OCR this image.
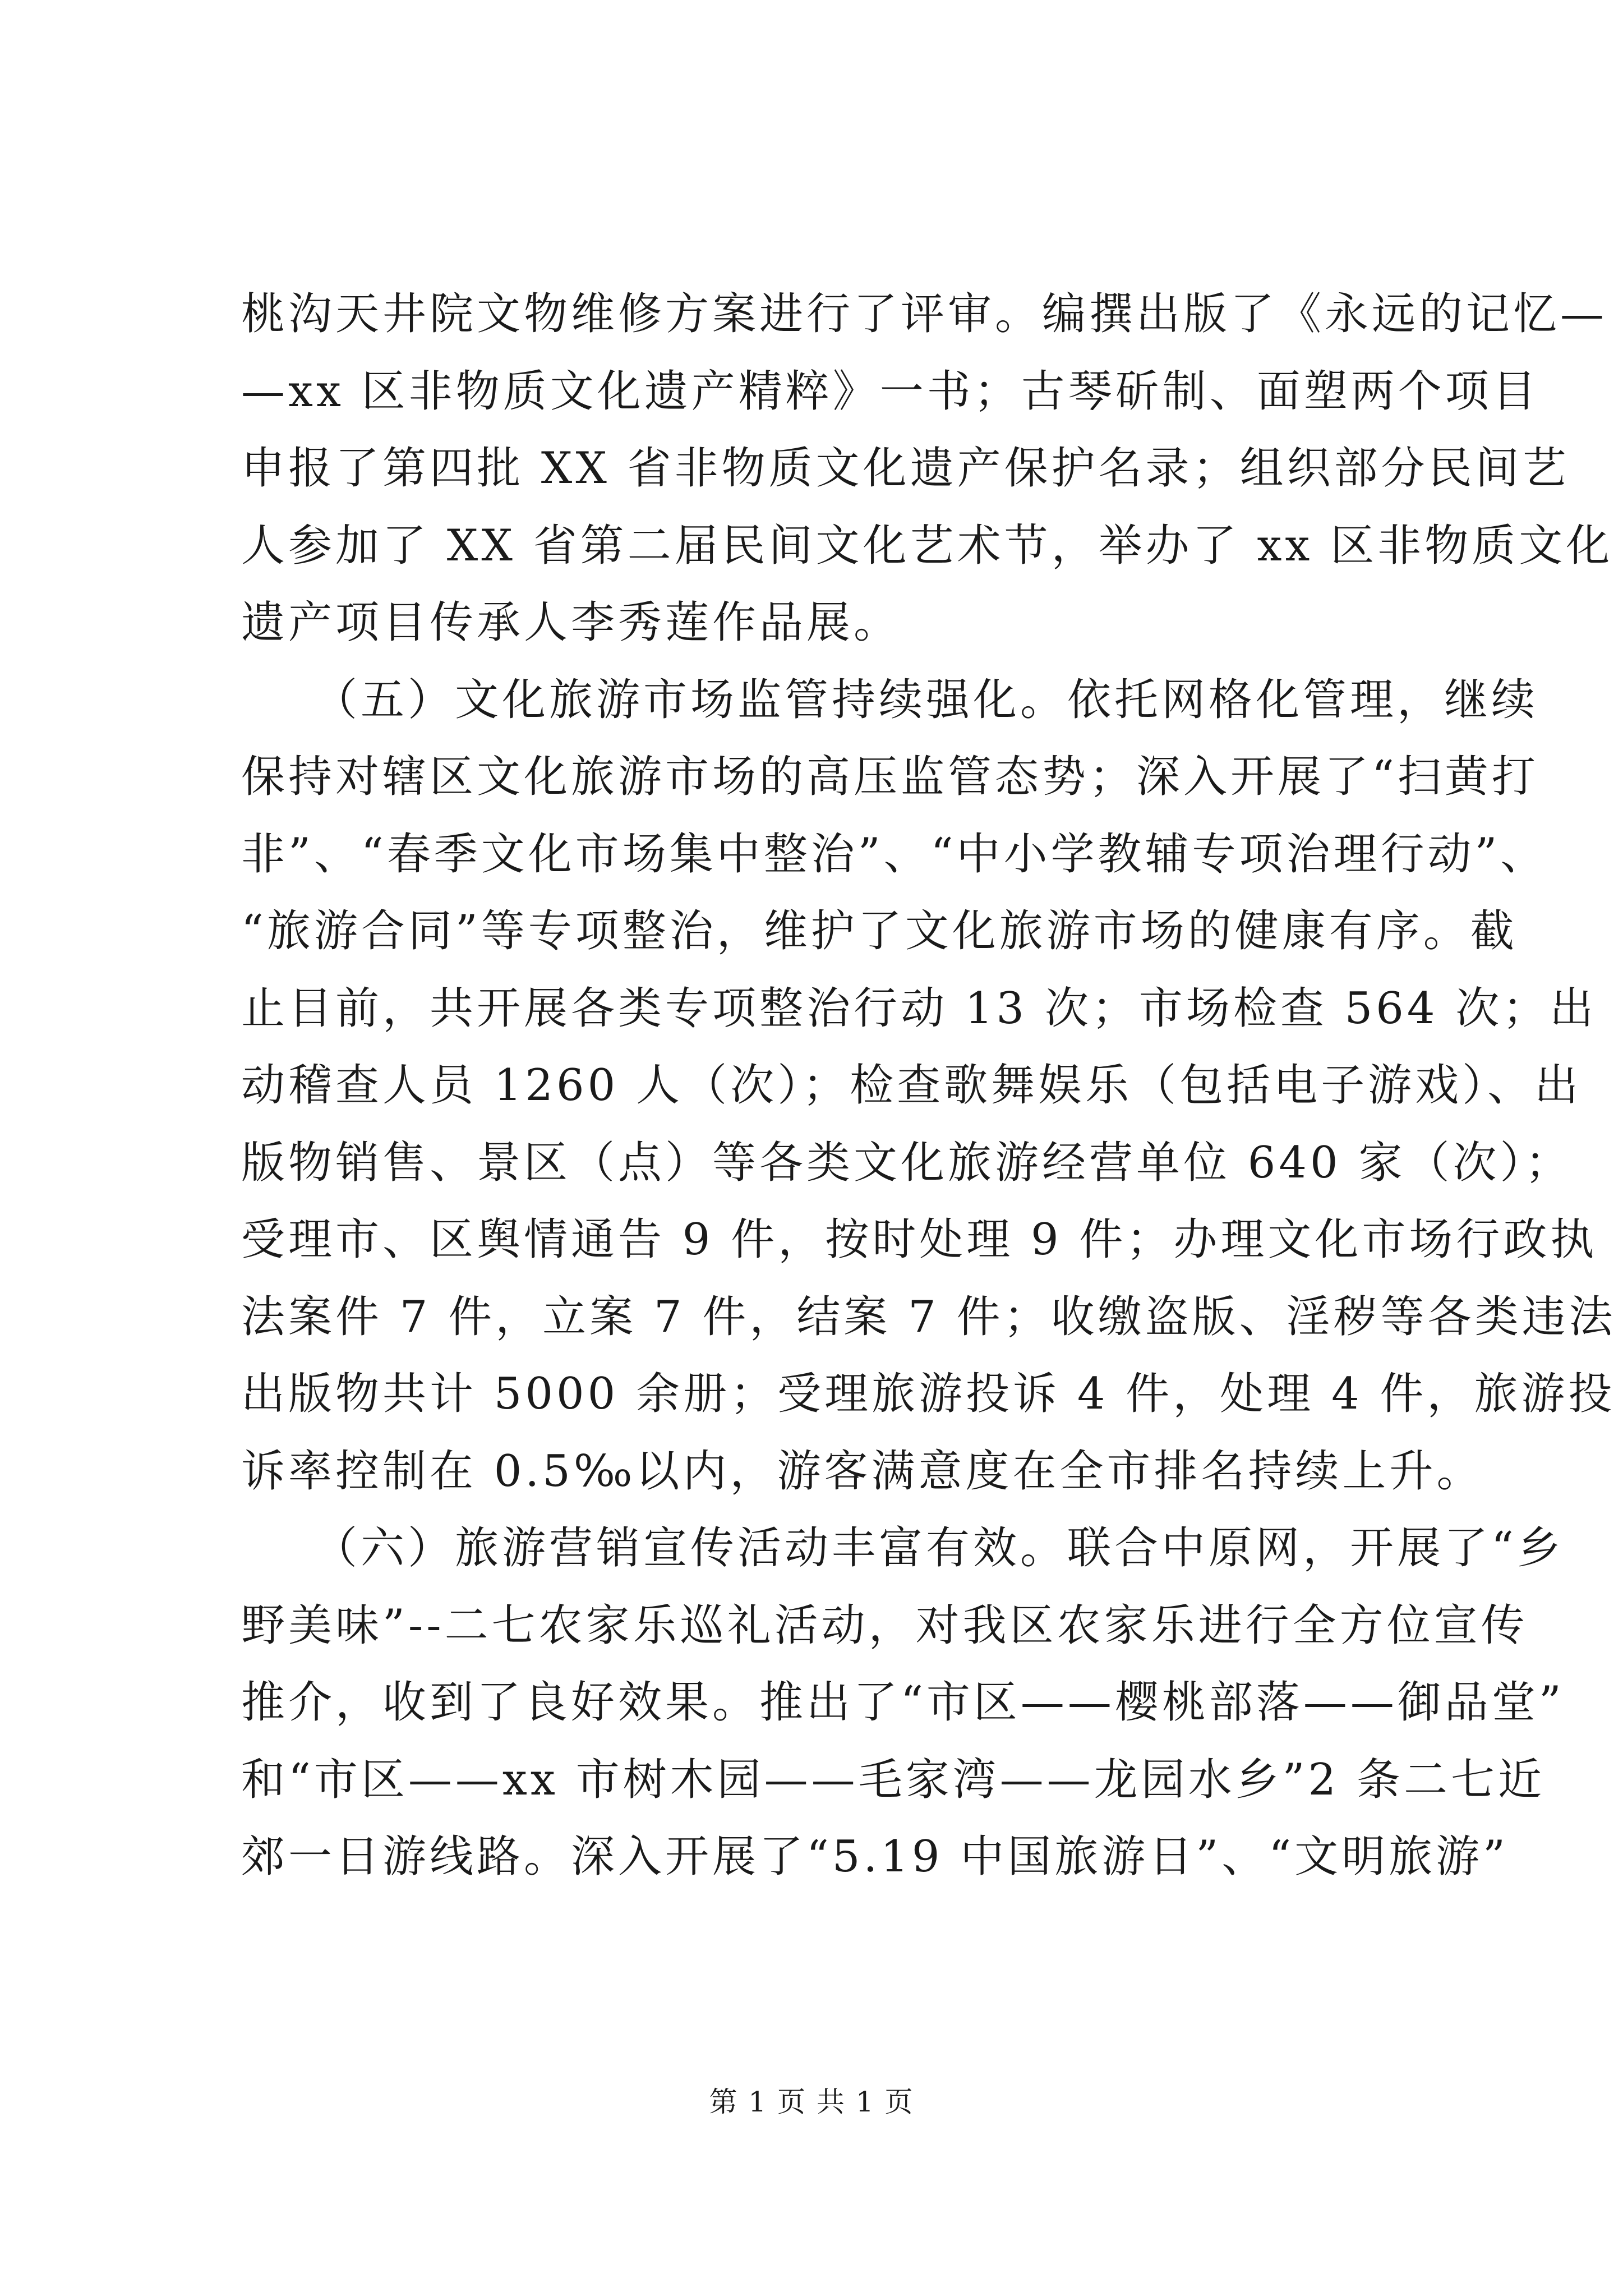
桃沟天井院文物维修方案进行了评审。编撰出版了《永远的记忆—
—xx 区非物质文化遗产精粹》一书；古琴斫制、面塑两个项目
申报了第四批 XX 省非物质文化遗产保护名录；组织部分民间艺
人参加了 XX 省第二届民间文化艺术节，举办了 xx 区非物质文化
遗产项目传承人李秀莲作品展。
　　（五）文化旅游市场监管持续强化。依托网格化管理，继续
保持对辖区文化旅游市场的高压监管态势；深入开展了“扫黄打
非”、“春季文化市场集中整治”、“中小学教辅专项治理行动”、
“旅游合同”等专项整治，维护了文化旅游市场的健康有序。截
止目前，共开展各类专项整治行动 13 次；市场检查 564 次；出
动稽查人员 1260 人（次）；检查歌舞娱乐（包括电子游戏）、出
版物销售、景区（点）等各类文化旅游经营单位 640 家（次）；
受理市、区舆情通告 9 件，按时处理 9 件；办理文化市场行政执
法案件 7 件，立案 7 件，结案 7 件；收缴盗版、淫秽等各类违法
出版物共计 5000 余册；受理旅游投诉 4 件，处理 4 件，旅游投
诉率控制在 0.5‰以内，游客满意度在全市排名持续上升。
　　（六）旅游营销宣传活动丰富有效。联合中原网，开展了“乡
野美味”--二七农家乐巡礼活动，对我区农家乐进行全方位宣传
推介，收到了良好效果。推出了“市区——樱桃部落——御品堂”
和“市区——xx 市树木园——毛家湾——龙园水乡”2 条二七近
郊一日游线路。深入开展了“5.19 中国旅游日”、“文明旅游”
第 1 页 共 1 页
